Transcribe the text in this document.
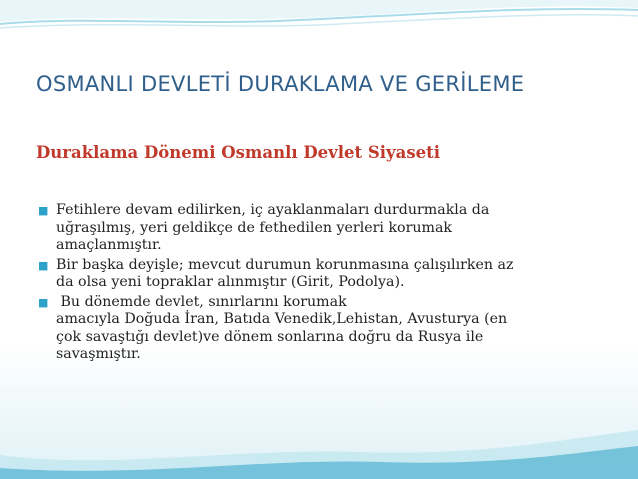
OSMANLI DEVLETİ DURAKLAMA VE GERİLEME
Duraklama Dönemi Osmanlı Devlet Siyaseti
■ Fetihlere devam edilirken, iç ayaklanmaları durdurmakla da
uğraşılmış, yeri geldikçe de fethedilen yerleri korumak
amaçlanmıştır.
■ Bir başka deyişle; mevcut durumun korunmasına çalışılırken az
da olsa yeni topraklar alınmıştır (Girit, Podolya).
■ Bu dönemde devlet, sınırlarını korumak
amacıyla Doğuda İran, Batıda Venedik,Lehistan, Avusturya (en
çok savaştığı devlet)ve dönem sonlarına doğru da Rusya ile
savaşmıştır.
